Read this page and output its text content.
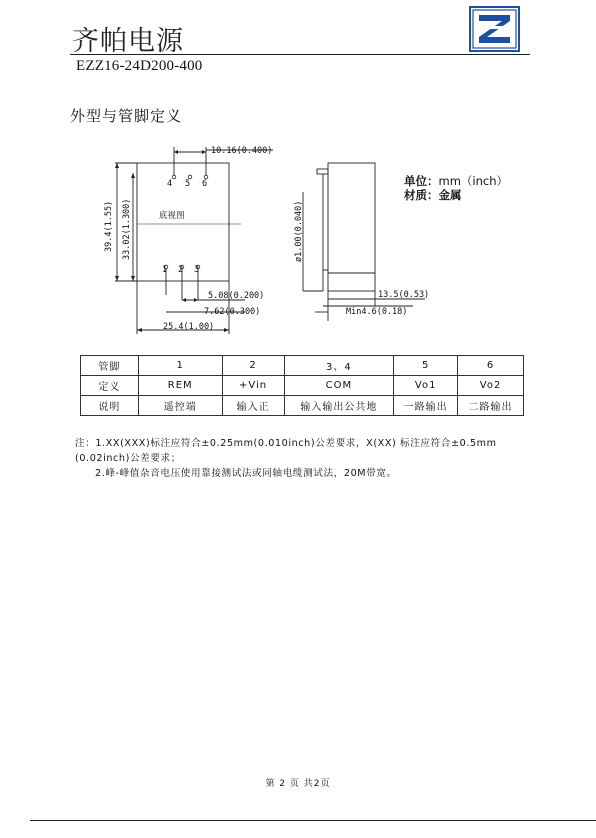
齐帕电源
EZZ16-24D200-400
外型与管脚定义
10.16(0.400)
4 5 6
1 2 3
5.08(0.200)
7.62(0.300)
25.4(1.00)
13.5(0.53)
Min4.6(0.18)
39.4(1.55) 33.02(1.300)	ø1.00(0.040)
底视图
单位：mm（inch）
材质：金属
管脚	1	2	3、4	5	6
定义	REM	+Vin	COM	Vo1	Vo2
说明	遥控端	输入正	输入输出公共地	一路输出	二路输出

注：1.XX(XXX)标注应符合±0.25mm(0.010inch)公差要求，X(XX) 标注应符合±0.5mm

(0.02inch)公差要求；

2.峰-峰值杂音电压使用靠接测试法或同轴电缆测试法，20M带宽。

第 2 页 共2页
